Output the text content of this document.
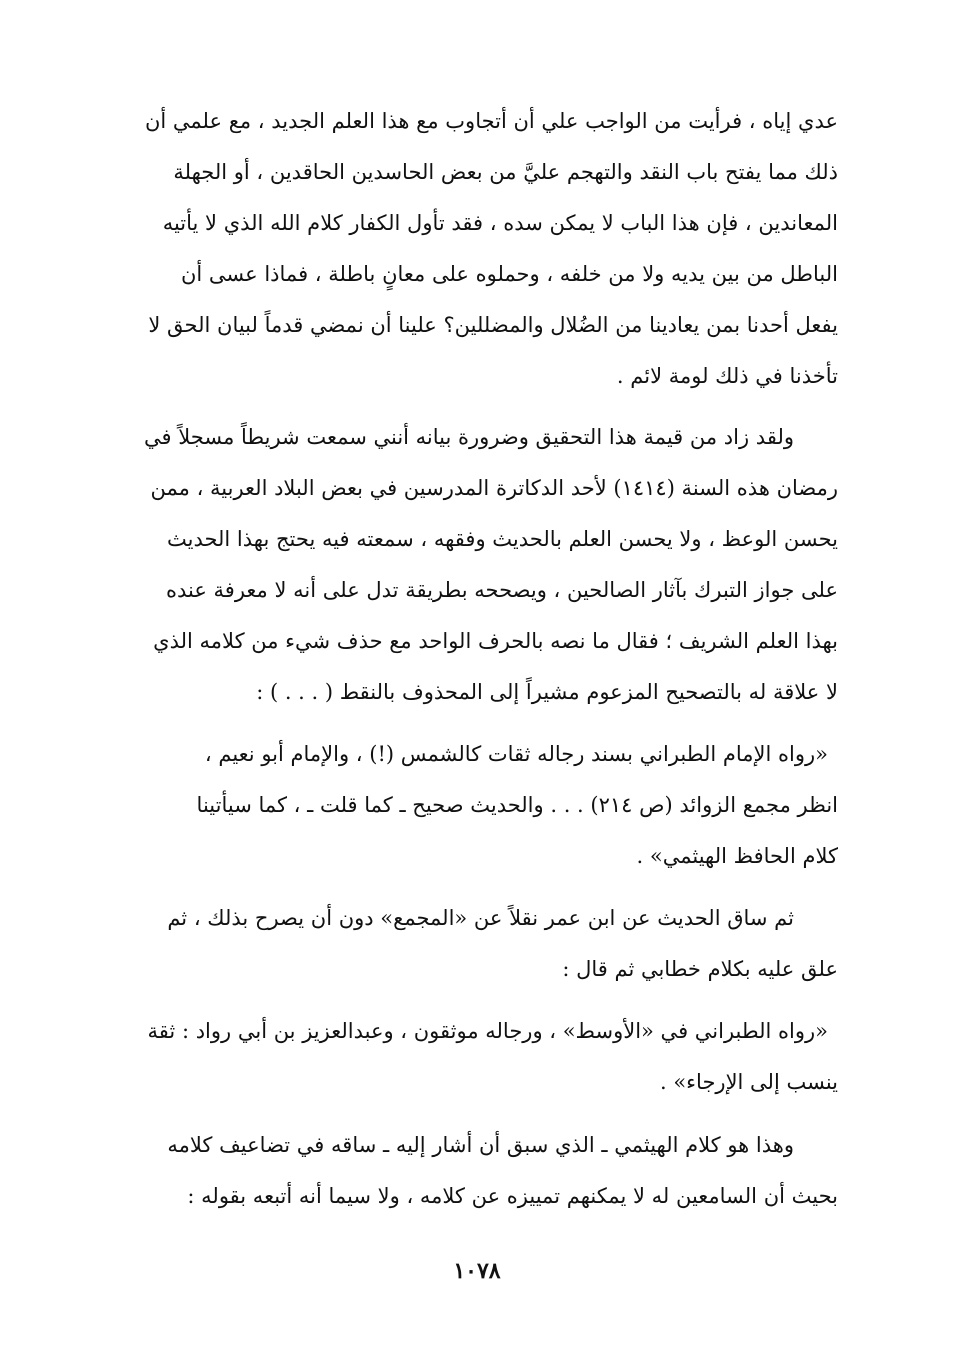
عدي إياه ، فرأيت من الواجب علي أن أتجاوب مع هذا العلم الجديد ، مع علمي أن
ذلك مما يفتح باب النقد والتهجم عليَّ من بعض الحاسدين الحاقدين ، أو الجهلة
المعاندين ، فإن هذا الباب لا يمكن سده ، فقد تأول الكفار كلام الله الذي لا يأتيه
الباطل من بين يديه ولا من خلفه ، وحملوه على معانٍ باطلة ، فماذا عسى أن
يفعل أحدنا بمن يعادينا من الضُلال والمضللين؟ علينا أن نمضي قدماً لبيان الحق لا
تأخذنا في ذلك لومة لائم .

ولقد زاد من قيمة هذا التحقيق وضرورة بيانه أنني سمعت شريطاً مسجلاً في
رمضان هذه السنة (١٤١٤) لأحد الدكاترة المدرسين في بعض البلاد العربية ، ممن
يحسن الوعظ ، ولا يحسن العلم بالحديث وفقهه ، سمعته فيه يحتج بهذا الحديث
على جواز التبرك بآثار الصالحين ، ويصححه بطريقة تدل على أنه لا معرفة عنده
بهذا العلم الشريف ؛ فقال ما نصه بالحرف الواحد مع حذف شيء من كلامه الذي
لا علاقة له بالتصحيح المزعوم مشيراً إلى المحذوف بالنقط ( . . . ) :

«رواه الإمام الطبراني بسند رجاله ثقات كالشمس (!) ، والإمام أبو نعيم ،
انظر مجمع الزوائد (ص ٢١٤) . . . والحديث صحيح ـ كما قلت ـ ، كما سيأتينا
كلام الحافظ الهيثمي» .

ثم ساق الحديث عن ابن عمر نقلاً عن «المجمع» دون أن يصرح بذلك ، ثم
علق عليه بكلام خطابي ثم قال :

«رواه الطبراني في «الأوسط» ، ورجاله موثقون ، وعبدالعزيز بن أبي رواد : ثقة
ينسب إلى الإرجاء» .

وهذا هو كلام الهيثمي ـ الذي سبق أن أشار إليه ـ ساقه في تضاعيف كلامه
بحيث أن السامعين له لا يمكنهم تمييزه عن كلامه ، ولا سيما أنه أتبعه بقوله :

١٠٧٨
